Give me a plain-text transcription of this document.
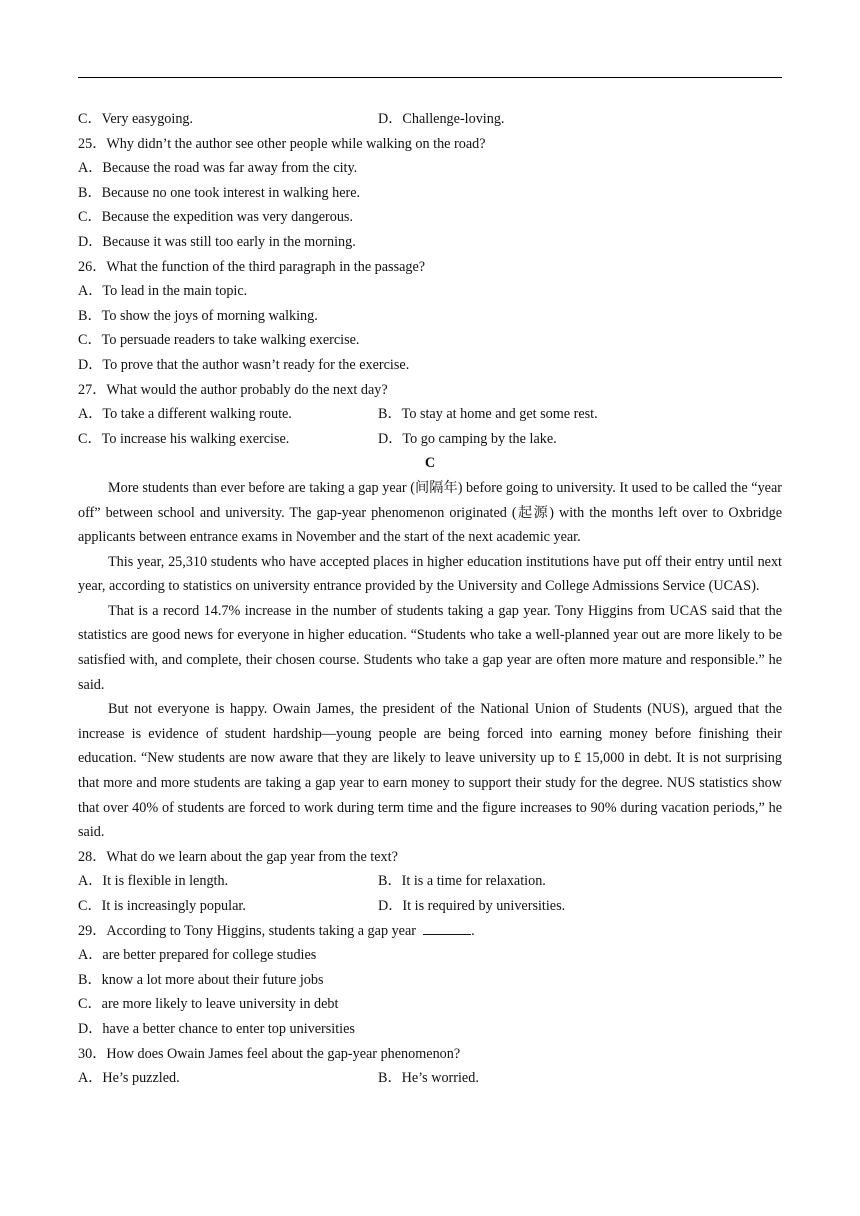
C．Very easygoing.	D．Challenge-loving.
25．Why didn’t the author see other people while walking on the road?
A．Because the road was far away from the city.
B．Because no one took interest in walking here.
C．Because the expedition was very dangerous.
D．Because it was still too early in the morning.
26．What the function of the third paragraph in the passage?
A．To lead in the main topic.
B．To show the joys of morning walking.
C．To persuade readers to take walking exercise.
D．To prove that the author wasn’t ready for the exercise.
27．What would the author probably do the next day?
A．To take a different walking route.	B．To stay at home and get some rest.
C．To increase his walking exercise.	D．To go camping by the lake.
C

More students than ever before are taking a gap year (间隔年) before going to university. It used to be called the “year off” between school and university. The gap-year phenomenon originated (起源) with the months left over to Oxbridge applicants between entrance exams in November and the start of the next academic year.

This year, 25,310 students who have accepted places in higher education institutions have put off their entry until next year, according to statistics on university entrance provided by the University and College Admissions Service (UCAS).

That is a record 14.7% increase in the number of students taking a gap year. Tony Higgins from UCAS said that the statistics are good news for everyone in higher education. “Students who take a well-planned year out are more likely to be satisfied with, and complete, their chosen course. Students who take a gap year are often more mature and responsible.” he said.

But not everyone is happy. Owain James, the president of the National Union of Students (NUS), argued that the increase is evidence of student hardship—young people are being forced into earning money before finishing their education. “New students are now aware that they are likely to leave university up to £ 15,000 in debt. It is not surprising that more and more students are taking a gap year to earn money to support their study for the degree. NUS statistics show that over 40% of students are forced to work during term time and the figure increases to 90% during vacation periods,” he said.

28．What do we learn about the gap year from the text?
A．It is flexible in length.	B．It is a time for relaxation.
C．It is increasingly popular.	D．It is required by universities.
29．According to Tony Higgins, students taking a gap year	.
A．are better prepared for college studies
B．know a lot more about their future jobs
C．are more likely to leave university in debt
D．have a better chance to enter top universities
30．How does Owain James feel about the gap-year phenomenon?
A．He’s puzzled.	B．He’s worried.
